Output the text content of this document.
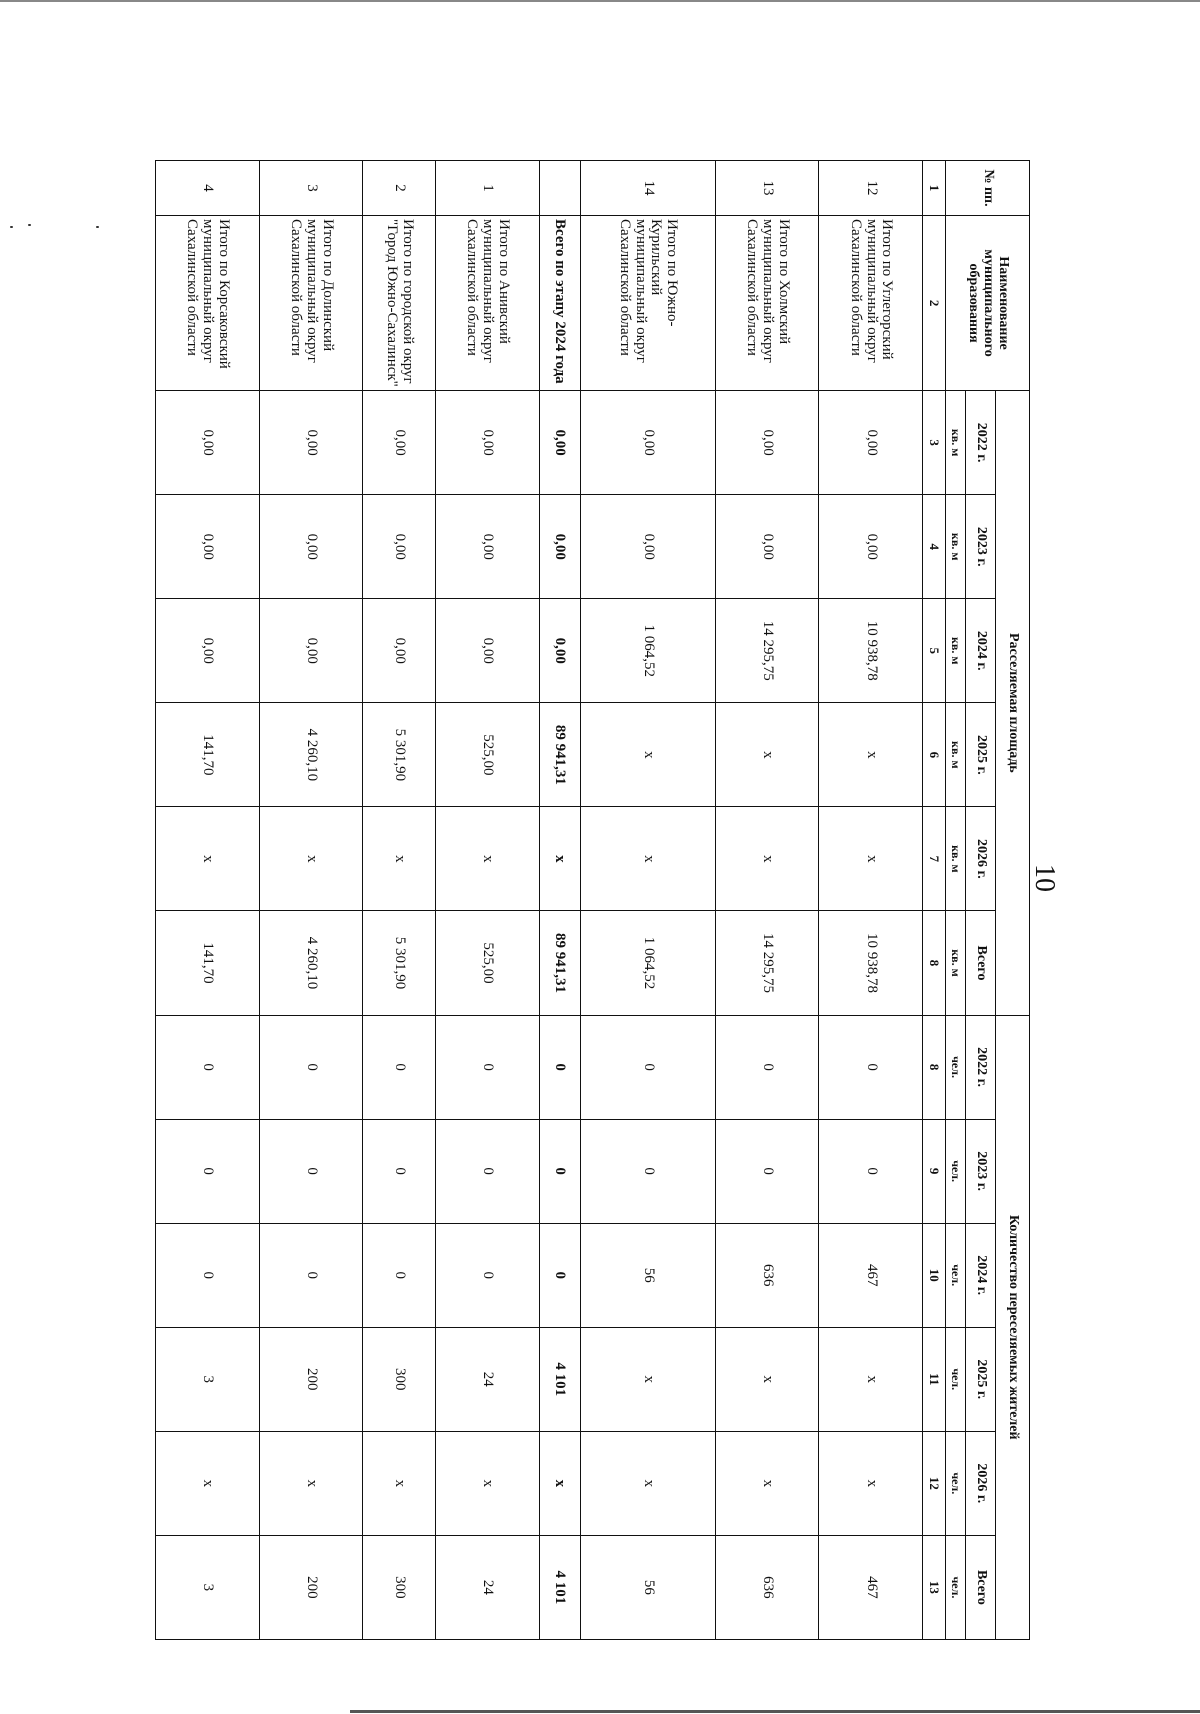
10
№ пп.	Наименование муниципального образования	Расселяемая площадь						Количество переселяемых жителей					
		2022 г.	2023 г.	2024 г.	2025 г.	2026 г.	Всего	2022 г.	2023 г.	2024 г.	2025 г.	2026 г.	Всего
		кв. м	кв. м	кв. м	кв. м	кв. м	кв. м	чел.	чел.	чел.	чел.	чел.	чел.
1	2	3	4	5	6	7	8	8	9	10	11	12	13
12	Итого по Углегорский муниципальный округ Сахалинской области	0,00	0,00	10 938,78	x	x	10 938,78	0	0	467	x	x	467
13	Итого по Холмский муниципальный округ Сахалинской области	0,00	0,00	14 295,75	x	x	14 295,75	0	0	636	x	x	636
14	Итого по Южно-Курильский муниципальный округ Сахалинской области	0,00	0,00	1 064,52	x	x	1 064,52	0	0	56	x	x	56
	Всего по этапу 2024 года	0,00	0,00	0,00	89 941,31	x	89 941,31	0	0	0	4 101	x	4 101
1	Итого по Анивский муниципальный округ Сахалинской области	0,00	0,00	0,00	525,00	x	525,00	0	0	0	24	x	24
2	Итого по городской округ "Город Южно-Сахалинск"	0,00	0,00	0,00	5 301,90	x	5 301,90	0	0	0	300	x	300
3	Итого по Долинский муниципальный округ Сахалинской области	0,00	0,00	0,00	4 260,10	x	4 260,10	0	0	0	200	x	200
4	Итого по Корсаковский муниципальный округ Сахалинской области	0,00	0,00	0,00	141,70	x	141,70	0	0	0	3	x	3
